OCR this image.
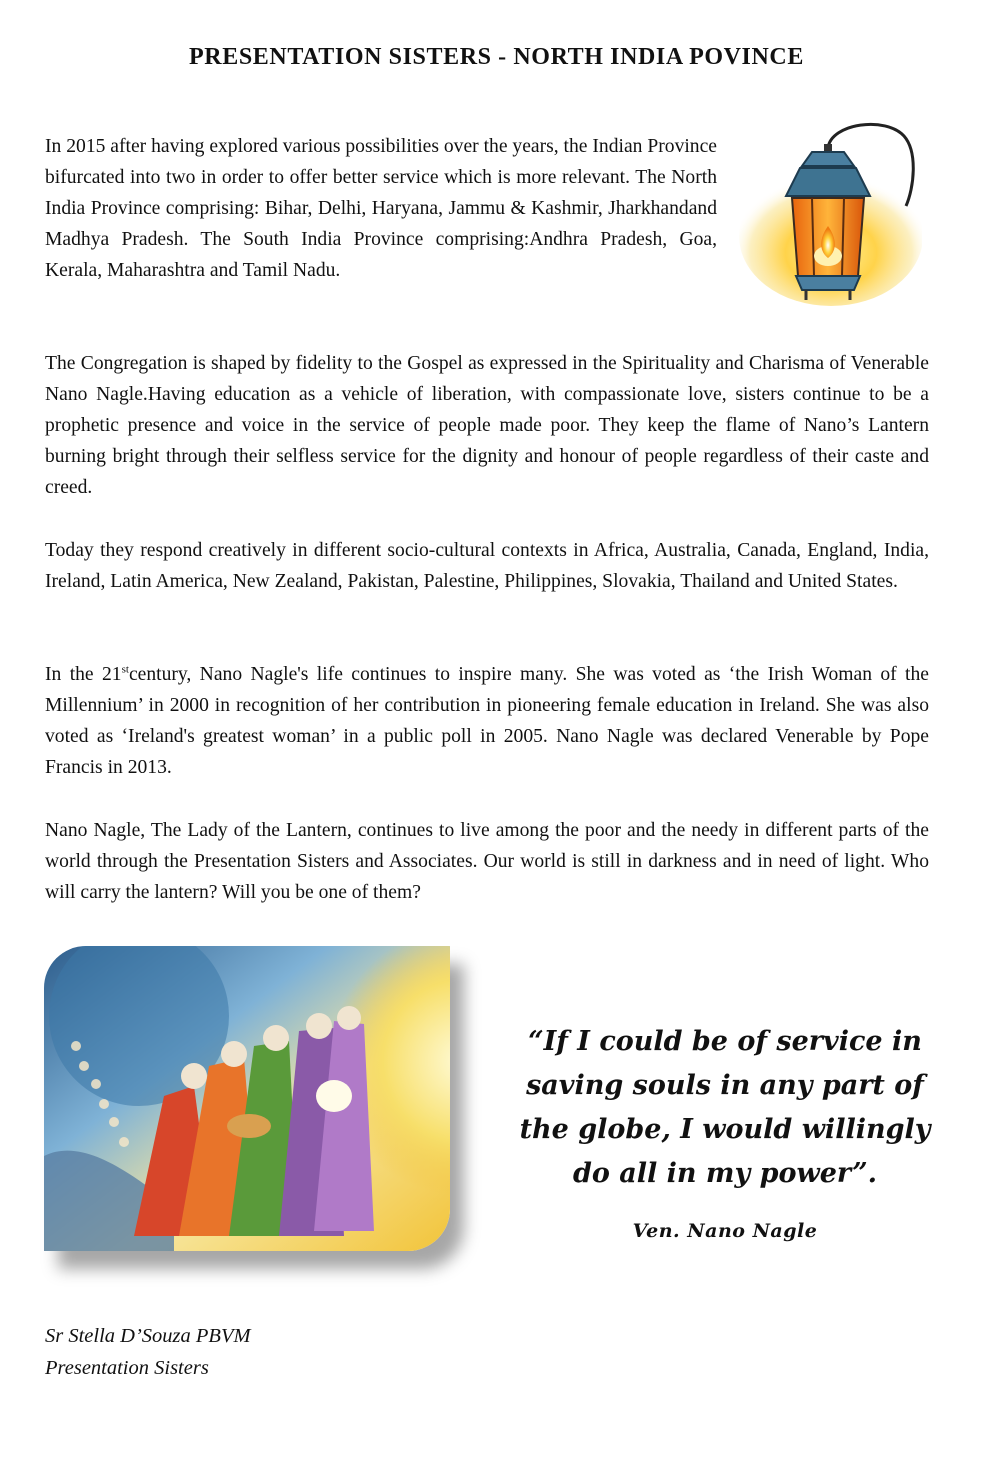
PRESENTATION SISTERS - NORTH INDIA POVINCE

In 2015 after having explored various possibilities over the years, the Indian Province bifurcated into two in order to offer better service which is more relevant. The North India Province comprising: Bihar, Delhi, Haryana, Jammu & Kashmir, Jharkhandand Madhya Pradesh. The South India Province comprising:Andhra Pradesh, Goa, Kerala, Maharashtra and Tamil Nadu.

The Congregation is shaped by fidelity to the Gospel as expressed in the Spirituality and Charisma of Venerable Nano Nagle.Having education as a vehicle of liberation, with compassionate love, sisters continue to be a prophetic presence and voice in the service of people made poor. They keep the flame of Nano’s Lantern burning bright through their selfless service for the dignity and honour of people regardless of their caste and creed.

Today they respond creatively in different socio-cultural contexts in Africa, Australia, Canada, England, India, Ireland, Latin America, New Zealand, Pakistan, Palestine, Philippines, Slovakia, Thailand and United States.

In the 21stcentury, Nano Nagle's life continues to inspire many. She was voted as ‘the Irish Woman of the Millennium’ in 2000 in recognition of her contribution in pioneering female education in Ireland. She was also voted as ‘Ireland's greatest woman’ in a public poll in 2005. Nano Nagle was declared Venerable by Pope Francis in 2013.

Nano Nagle, The Lady of the Lantern, continues to live among the poor and the needy in different parts of the world through the Presentation Sisters and Associates. Our world is still in darkness and in need of light. Who will carry the lantern? Will you be one of them?

“If I could be of service in saving souls in any part of the globe, I would willingly do all in my power”.
Ven. Nano Nagle
Sr Stella D’Souza PBVM
Presentation Sisters
